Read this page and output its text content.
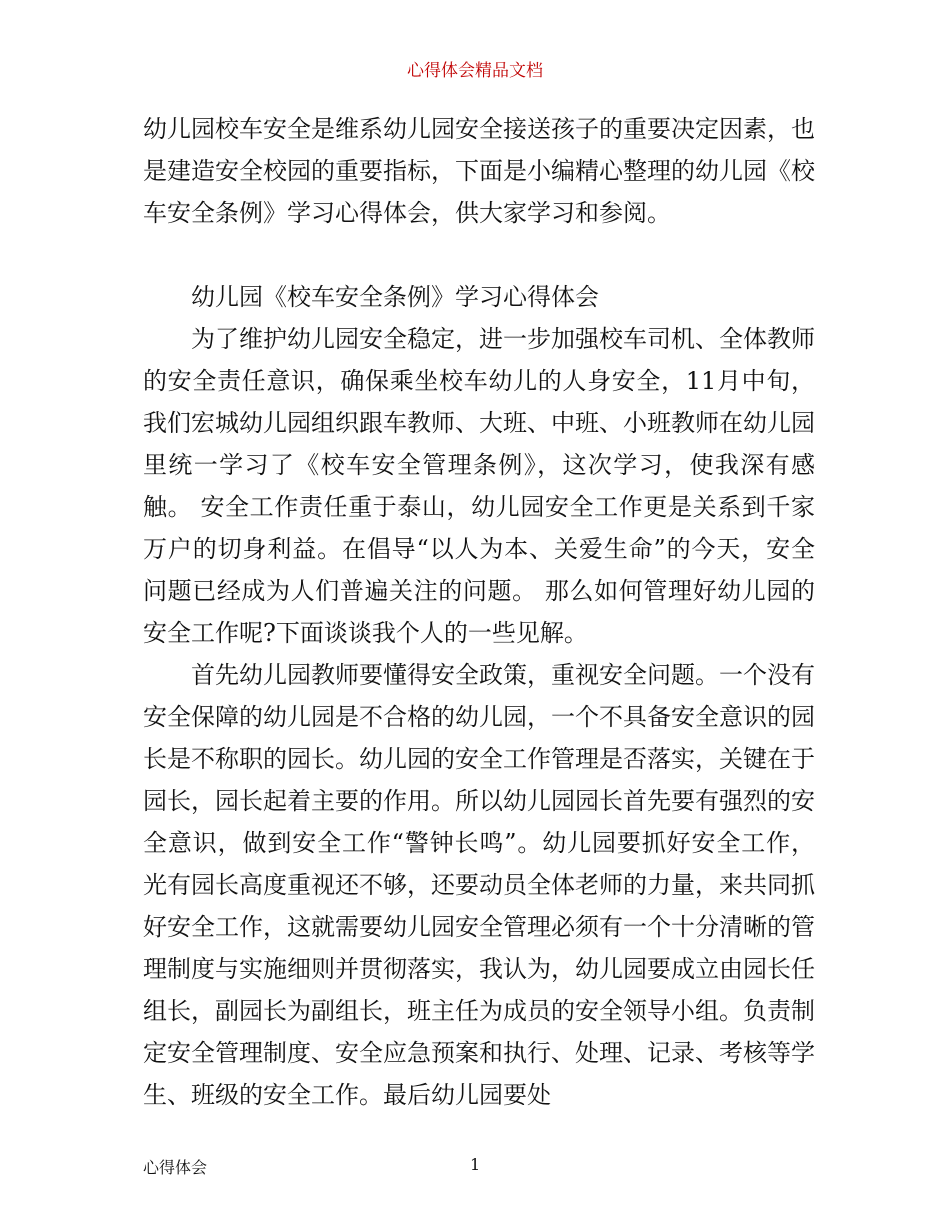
心得体会精品文档

幼儿园校车安全是维系幼儿园安全接送孩子的重要决定因素，也是建造安全校园的重要指标，下面是小编精心整理的幼儿园《校车安全条例》学习心得体会，供大家学习和参阅。

幼儿园《校车安全条例》学习心得体会

为了维护幼儿园安全稳定，进一步加强校车司机、全体教师的安全责任意识，确保乘坐校车幼儿的人身安全，11月中旬，我们宏城幼儿园组织跟车教师、大班、中班、小班教师在幼儿园里统一学习了《校车安全管理条例》，这次学习，使我深有感触。 安全工作责任重于泰山，幼儿园安全工作更是关系到千家万户的切身利益。在倡导“以人为本、关爱生命”的今天，安全问题已经成为人们普遍关注的问题。 那么如何管理好幼儿园的安全工作呢?下面谈谈我个人的一些见解。

首先幼儿园教师要懂得安全政策，重视安全问题。一个没有安全保障的幼儿园是不合格的幼儿园，一个不具备安全意识的园长是不称职的园长。幼儿园的安全工作管理是否落实，关键在于园长，园长起着主要的作用。所以幼儿园园长首先要有强烈的安全意识，做到安全工作“警钟长鸣”。幼儿园要抓好安全工作，光有园长高度重视还不够，还要动员全体老师的力量，来共同抓好安全工作，这就需要幼儿园安全管理必须有一个十分清晰的管理制度与实施细则并贯彻落实，我认为，幼儿园要成立由园长任组长，副园长为副组长，班主任为成员的安全领导小组。负责制定安全管理制度、安全应急预案和执行、处理、记录、考核等学生、班级的安全工作。最后幼儿园要处

心得体会	1
